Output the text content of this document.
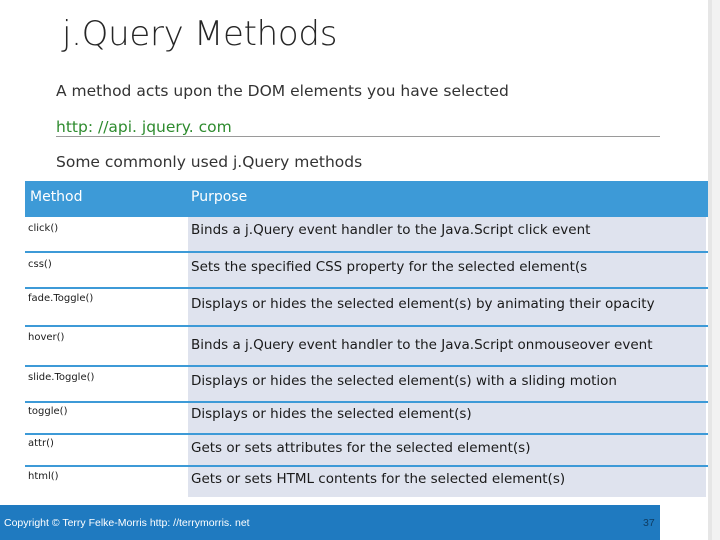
j.Query Methods
A method acts upon the DOM elements you have selected
http: //api. jquery. com
Some commonly used j.Query methods
Method	Purpose
click()	Binds a j.Query event handler to the Java.Script click event
css()	Sets the specified CSS property for the selected element(s
fade.Toggle()	Displays or hides the selected element(s) by animating their opacity
hover()	Binds a j.Query event handler to the Java.Script onmouseover event
slide.Toggle()	Displays or hides the selected element(s) with a sliding motion
toggle()	Displays or hides the selected element(s)
attr()	Gets or sets attributes for the selected element(s)
html()	Gets or sets HTML contents for the selected element(s)
Copyright © Terry Felke-Morris http: //terrymorris. net	37
